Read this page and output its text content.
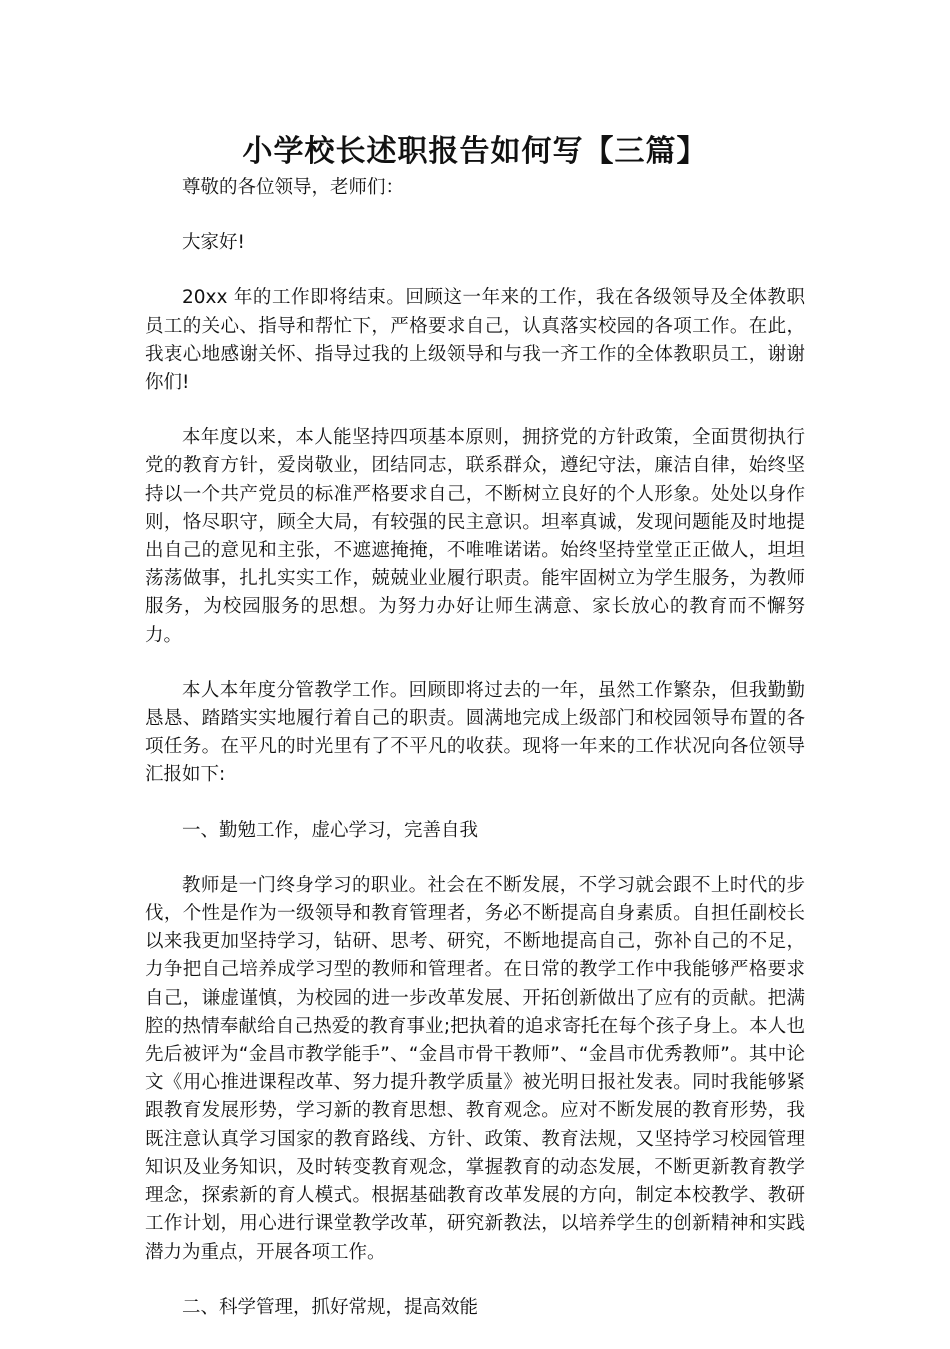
小学校长述职报告如何写【三篇】

尊敬的各位领导，老师们：

大家好!

20xx 年的工作即将结束。回顾这一年来的工作，我在各级领导及全体教职员工的关心、指导和帮忙下，严格要求自己，认真落实校园的各项工作。在此，我衷心地感谢关怀、指导过我的上级领导和与我一齐工作的全体教职员工，谢谢你们!

本年度以来，本人能坚持四项基本原则，拥挤党的方针政策，全面贯彻执行党的教育方针，爱岗敬业，团结同志，联系群众，遵纪守法，廉洁自律，始终坚持以一个共产党员的标准严格要求自己，不断树立良好的个人形象。处处以身作则，恪尽职守，顾全大局，有较强的民主意识。坦率真诚，发现问题能及时地提出自己的意见和主张，不遮遮掩掩，不唯唯诺诺。始终坚持堂堂正正做人，坦坦荡荡做事，扎扎实实工作，兢兢业业履行职责。能牢固树立为学生服务，为教师服务，为校园服务的思想。为努力办好让师生满意、家长放心的教育而不懈努力。

本人本年度分管教学工作。回顾即将过去的一年，虽然工作繁杂，但我勤勤恳恳、踏踏实实地履行着自己的职责。圆满地完成上级部门和校园领导布置的各项任务。在平凡的时光里有了不平凡的收获。现将一年来的工作状况向各位领导汇报如下:

一、勤勉工作，虚心学习，完善自我

教师是一门终身学习的职业。社会在不断发展，不学习就会跟不上时代的步伐，个性是作为一级领导和教育管理者，务必不断提高自身素质。自担任副校长以来我更加坚持学习，钻研、思考、研究，不断地提高自己，弥补自己的不足，力争把自己培养成学习型的教师和管理者。在日常的教学工作中我能够严格要求自己，谦虚谨慎，为校园的进一步改革发展、开拓创新做出了应有的贡献。把满腔的热情奉献给自己热爱的教育事业;把执着的追求寄托在每个孩子身上。本人也先后被评为“金昌市教学能手”、“金昌市骨干教师”、“金昌市优秀教师”。其中论文《用心推进课程改革、努力提升教学质量》被光明日报社发表。同时我能够紧跟教育发展形势，学习新的教育思想、教育观念。应对不断发展的教育形势，我既注意认真学习国家的教育路线、方针、政策、教育法规，又坚持学习校园管理知识及业务知识，及时转变教育观念，掌握教育的动态发展，不断更新教育教学理念，探索新的育人模式。根据基础教育改革发展的方向，制定本校教学、教研工作计划，用心进行课堂教学改革，研究新教法，以培养学生的创新精神和实践潜力为重点，开展各项工作。

二、科学管理，抓好常规，提高效能
